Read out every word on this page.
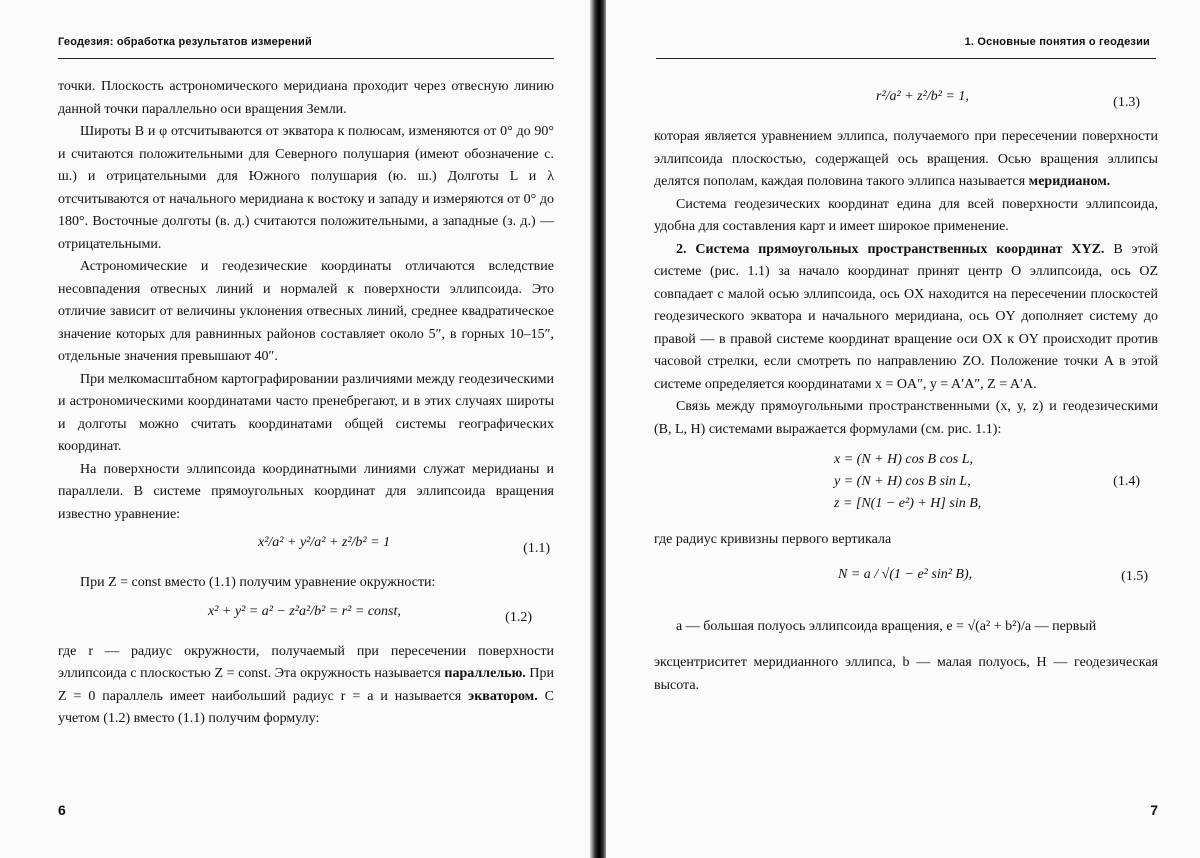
Геодезия: обработка результатов измерений

точки. Плоскость астрономического меридиана проходит через отвесную линию данной точки параллельно оси вращения Земли.

Широты B и φ отсчитываются от экватора к полюсам, изменяются от 0° до 90° и считаются положительными для Северного полушария (имеют обозначение с. ш.) и отрицательными для Южного полушария (ю. ш.) Долготы L и λ отсчитываются от начального меридиана к востоку и западу и измеряются от 0° до 180°. Восточные долготы (в. д.) считаются положительными, а западные (з. д.) — отрицательными.

Астрономические и геодезические координаты отличаются вследствие несовпадения отвесных линий и нормалей к поверхности эллипсоида. Это отличие зависит от величины уклонения отвесных линий, среднее квадратическое значение которых для равнинных районов составляет около 5″, в горных 10–15″, отдельные значения превышают 40″.

При мелкомасштабном картографировании различиями между геодезическими и астрономическими координатами часто пренебрегают, и в этих случаях широты и долготы можно считать координатами общей системы географических координат.

На поверхности эллипсоида координатными линиями служат меридианы и параллели. В системе прямоугольных координат для эллипсоида вращения известно уравнение:

x²/a² + y²/a² + z²/b² = 1	(1.1)

При Z = const вместо (1.1) получим уравнение окружности:

x² + y² = a² − z²a²/b² = r² = const,	(1.2)

где r — радиус окружности, получаемый при пересечении поверхности эллипсоида с плоскостью Z = const. Эта окружность называется параллелью. При Z = 0 параллель имеет наибольший радиус r = a и называется экватором. С учетом (1.2) вместо (1.1) получим формулу:

6
1. Основные понятия о геодезии
r²/a² + z²/b² = 1,	(1.3)

которая является уравнением эллипса, получаемого при пересечении поверхности эллипсоида плоскостью, содержащей ось вращения. Осью вращения эллипсы делятся пополам, каждая половина такого эллипса называется меридианом.

Система геодезических координат едина для всей поверхности эллипсоида, удобна для составления карт и имеет широкое применение.

2. Система прямоугольных пространственных координат XYZ. В этой системе (рис. 1.1) за начало координат принят центр O эллипсоида, ось OZ совпадает с малой осью эллипсоида, ось OX находится на пересечении плоскостей геодезического экватора и начального меридиана, ось OY дополняет систему до правой — в правой системе координат вращение оси OX к OY происходит против часовой стрелки, если смотреть по направлению ZO. Положение точки A в этой системе определяется координатами x = OA″, y = A′A″, Z = A′A.

Связь между прямоугольными пространственными (x, y, z) и геодезическими (B, L, H) системами выражается формулами (см. рис. 1.1):

x = (N + H) cos B cos L,
y = (N + H) cos B sin L,
z = [N(1 − e²) + H] sin B,
(1.4)

где радиус кривизны первого вертикала

N = a / √(1 − e² sin² B),	(1.5)

a — большая полуось эллипсоида вращения, e = √(a² + b²)/a — первый

эксцентриситет меридианного эллипса, b — малая полуось, H — геодезическая высота.

7
